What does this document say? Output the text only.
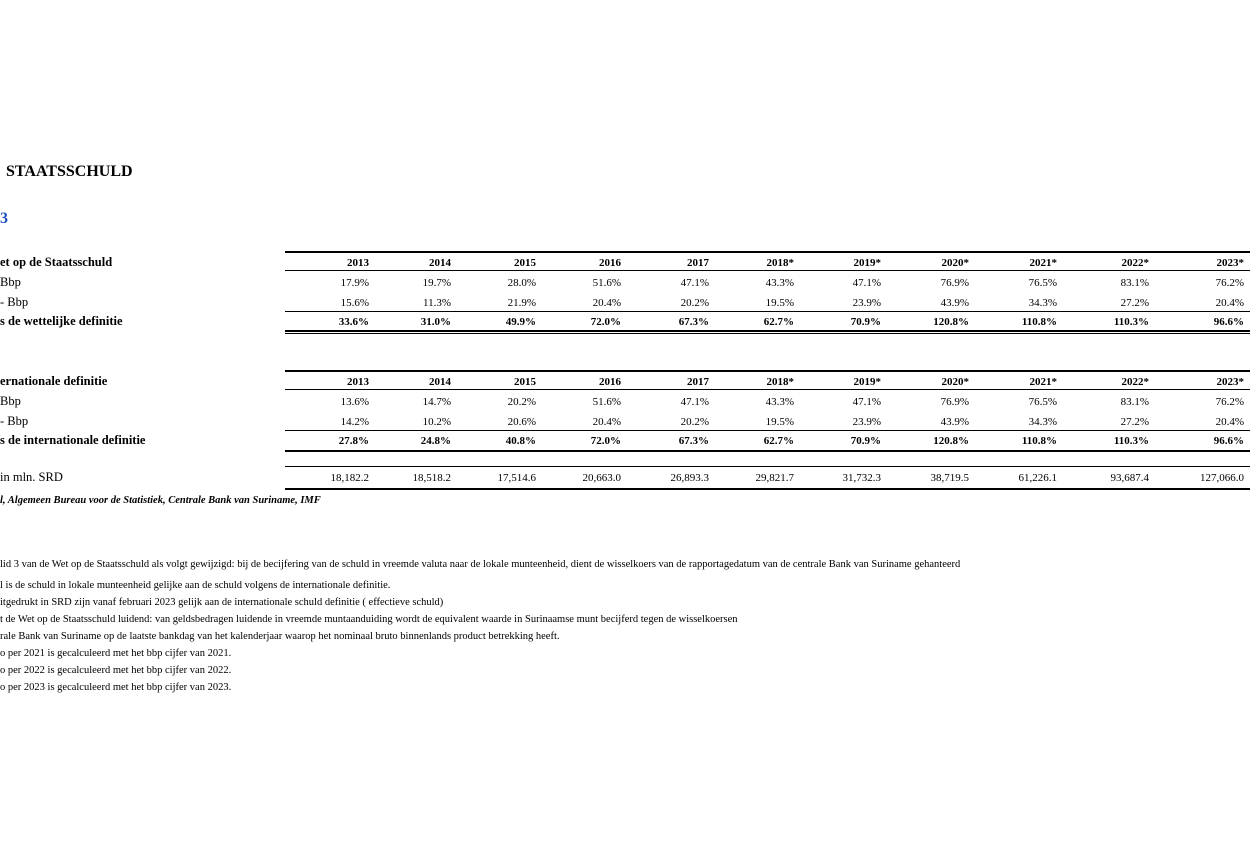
STAATSSCHULD
3
et op de Staatsschuld	2013	2014	2015	2016	2017	2018*	2019*	2020*	2021*	2022*	2023*
Bbp	17.9%	19.7%	28.0%	51.6%	47.1%	43.3%	47.1%	76.9%	76.5%	83.1%	76.2%
- Bbp	15.6%	11.3%	21.9%	20.4%	20.2%	19.5%	23.9%	43.9%	34.3%	27.2%	20.4%
s de wettelijke definitie	33.6%	31.0%	49.9%	72.0%	67.3%	62.7%	70.9%	120.8%	110.8%	110.3%	96.6%
ernationale definitie	2013	2014	2015	2016	2017	2018*	2019*	2020*	2021*	2022*	2023*
Bbp	13.6%	14.7%	20.2%	51.6%	47.1%	43.3%	47.1%	76.9%	76.5%	83.1%	76.2%
- Bbp	14.2%	10.2%	20.6%	20.4%	20.2%	19.5%	23.9%	43.9%	34.3%	27.2%	20.4%
s de internationale definitie	27.8%	24.8%	40.8%	72.0%	67.3%	62.7%	70.9%	120.8%	110.8%	110.3%	96.6%
in mln. SRD	18,182.2	18,518.2	17,514.6	20,663.0	26,893.3	29,821.7	31,732.3	38,719.5	61,226.1	93,687.4	127,066.0
l, Algemeen Bureau voor de Statistiek, Centrale Bank van Suriname, IMF
lid 3 van de Wet op de Staatsschuld als volgt gewijzigd: bij de becijfering van de schuld in vreemde valuta naar de lokale munteenheid, dient de wisselkoers van de rapportagedatum van de centrale Bank van Suriname gehanteerd
l is de schuld in lokale munteenheid gelijke aan de schuld volgens de internationale definitie.
itgedrukt in SRD zijn vanaf februari 2023 gelijk aan de internationale schuld definitie ( effectieve schuld)
t de Wet op de Staatsschuld luidend: van geldsbedragen luidende in vreemde muntaanduiding wordt de equivalent waarde in Surinaamse munt becijferd tegen de wisselkoersen
rale Bank van Suriname op de laatste bankdag van het kalenderjaar waarop het nominaal bruto binnenlands product betrekking heeft.
o per 2021 is gecalculeerd met het bbp cijfer van 2021.
o per 2022 is gecalculeerd met het bbp cijfer van 2022.
o per 2023 is gecalculeerd met het bbp cijfer van 2023.
